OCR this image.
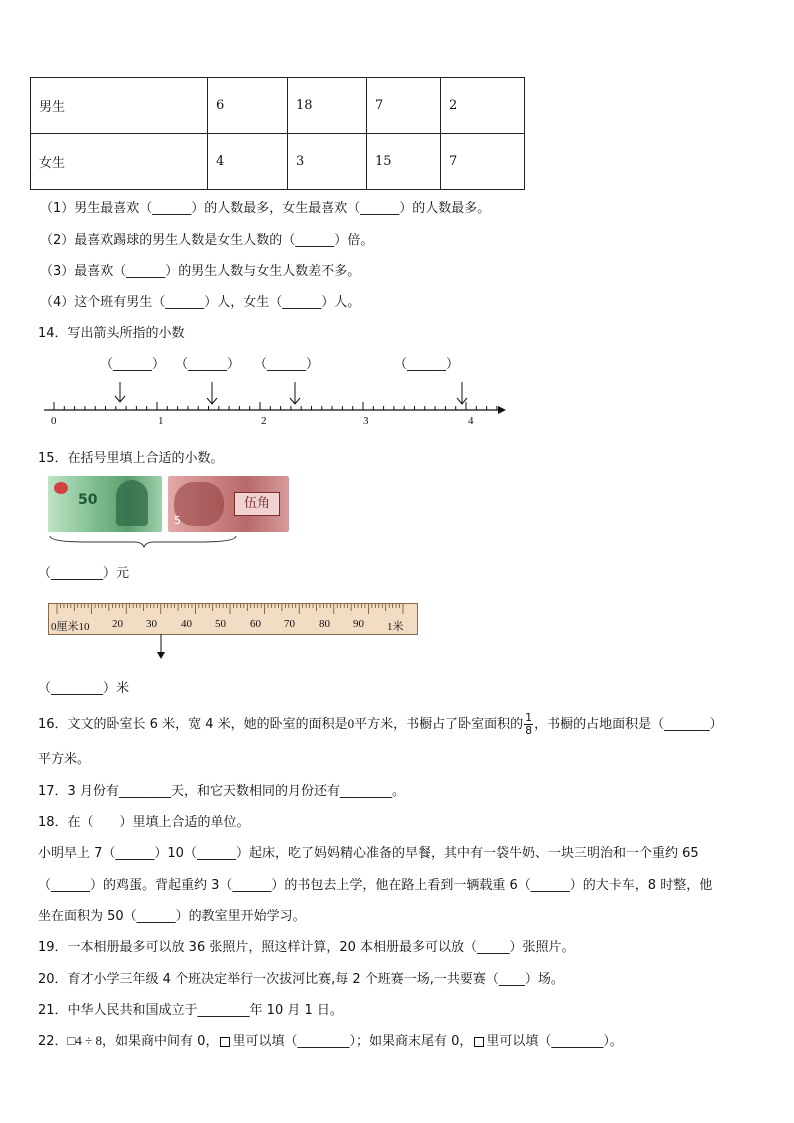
男生	6	18	7	2
女生	4	3	15	7
（1）男生最喜欢（______）的人数最多，女生最喜欢（______）的人数最多。
（2）最喜欢踢球的男生人数是女生人数的（______）倍。
（3）最喜欢（______）的男生人数与女生人数差不多。
（4）这个班有男生（______）人，女生（______）人。
14．写出箭头所指的小数
（______） （______） （______）	（______）
0	1	2	3	4
15．在括号里填上合适的小数。
50
5
伍角
（________）元
0厘米10 20 30 40 50 60 70 80 90 1米
（________）米
16．文文的卧室长 6 米，宽 4 米，她的卧室的面积是0平方米，书橱占了卧室面积的 $\frac{1}{8}$ ，书橱的占地面积是（_______）
平方米。
17．3 月份有________天，和它天数相同的月份还有________。
18．在（　　）里填上合适的单位。
小明早上 7（______）10（______）起床，吃了妈妈精心准备的早餐，其中有一袋牛奶、一块三明治和一个重约 65
（______）的鸡蛋。背起重约 3（______）的书包去上学，他在路上看到一辆载重 6（______）的大卡车，8 时整，他
坐在面积为 50（______）的教室里开始学习。
19．一本相册最多可以放 36 张照片，照这样计算，20 本相册最多可以放（_____）张照片。
20．育才小学三年级 4 个班决定举行一次拔河比赛,每 2 个班赛一场,一共要赛（____）场。
21．中华人民共和国成立于________年 10 月 1 日。
22．□4 ÷ 8，如果商中间有 0， 里可以填（________）；如果商末尾有 0， 里可以填（________）。
